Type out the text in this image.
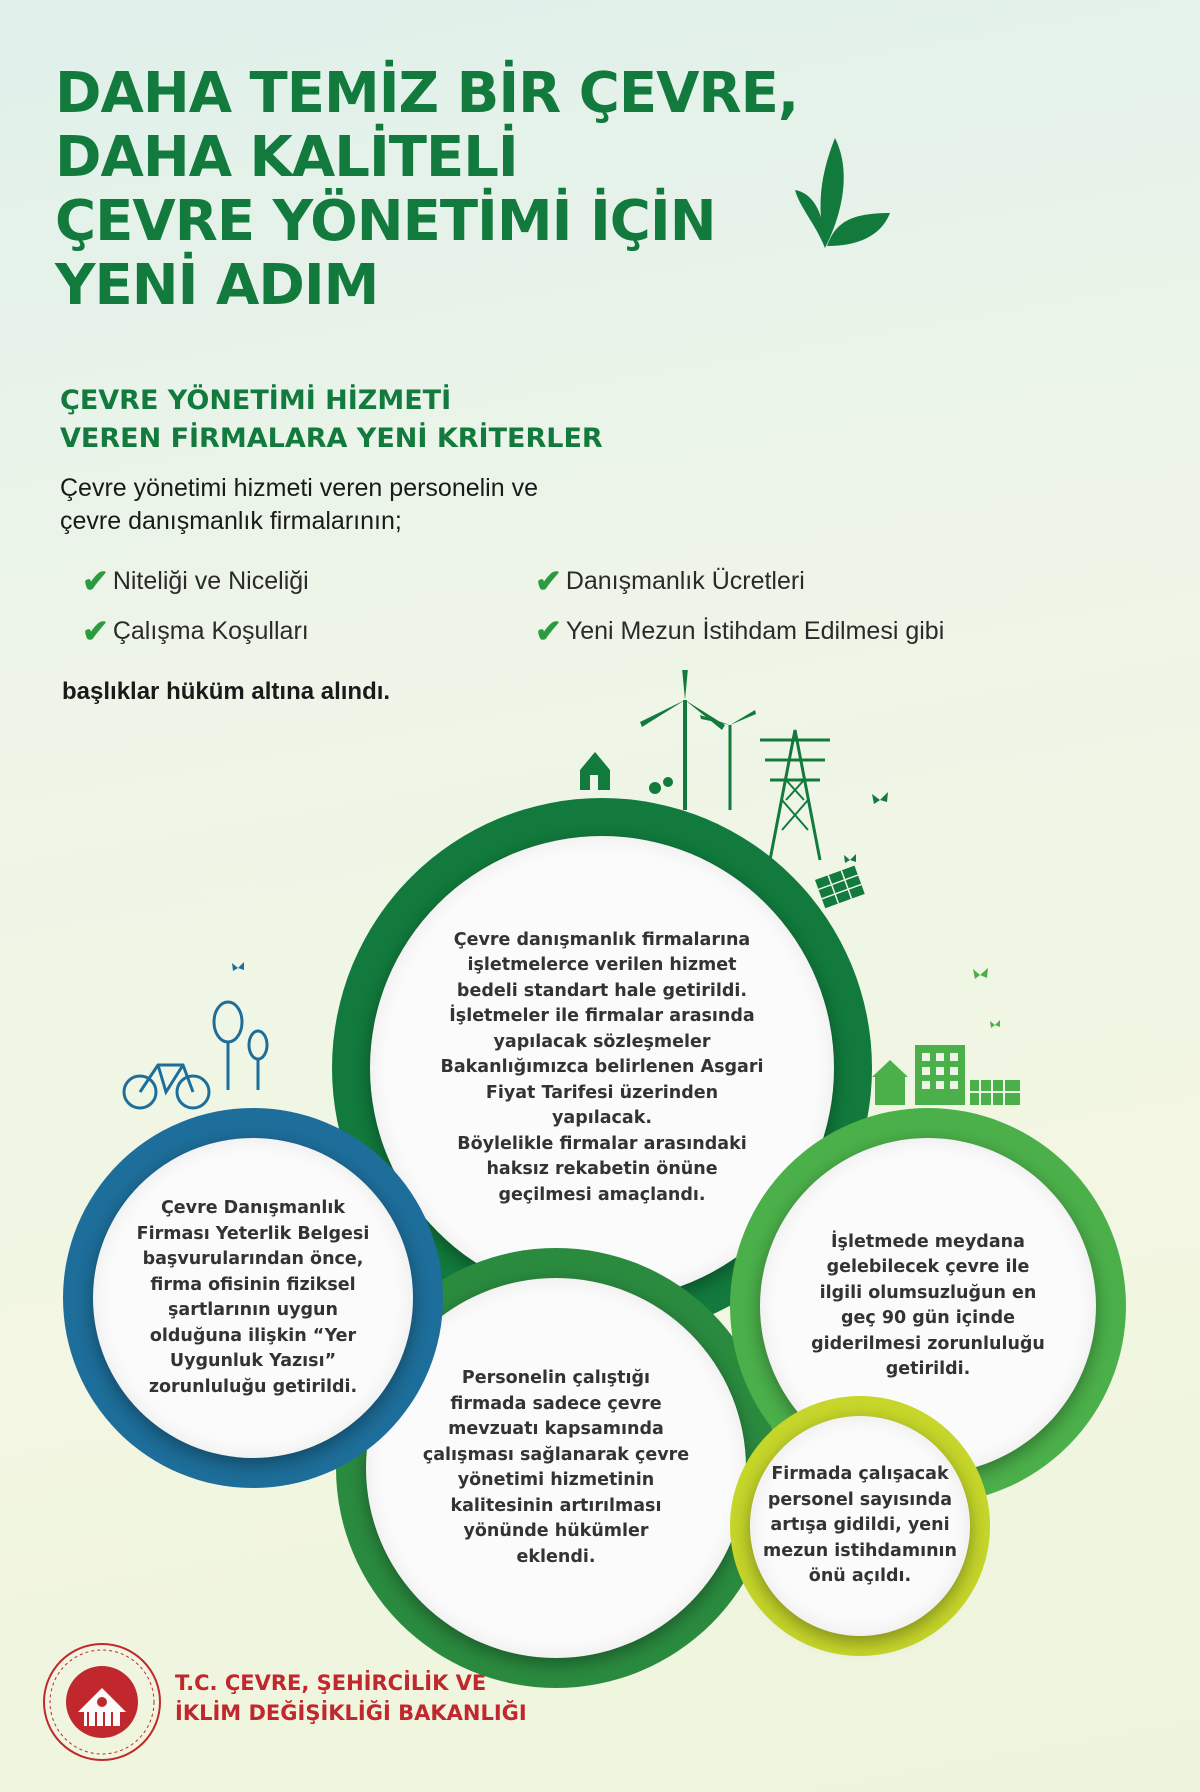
DAHA TEMİZ BİR ÇEVRE,
DAHA KALİTELİ
ÇEVRE YÖNETİMİ İÇİN
YENİ ADIM
ÇEVRE YÖNETİMİ HİZMETİ
VEREN FİRMALARA YENİ KRİTERLER
Çevre yönetimi hizmeti veren personelin ve
çevre danışmanlık firmalarının;
✔ Niteliği ve Niceliği	✔ Danışmanlık Ücretleri
✔ Çalışma Koşulları	✔ Yeni Mezun İstihdam Edilmesi gibi
başlıklar hüküm altına alındı.
Çevre danışmanlık firmalarına
işletmelerce verilen hizmet
bedeli standart hale getirildi.
İşletmeler ile firmalar arasında
yapılacak sözleşmeler
Bakanlığımızca belirlenen Asgari
Fiyat Tarifesi üzerinden
yapılacak.
Böylelikle firmalar arasındaki
haksız rekabetin önüne
geçilmesi amaçlandı.
Personelin çalıştığı
firmada sadece çevre
mevzuatı kapsamında
çalışması sağlanarak çevre
yönetimi hizmetinin
kalitesinin artırılması
yönünde hükümler
eklendi.
Çevre Danışmanlık
Firması Yeterlik Belgesi
başvurularından önce,
firma ofisinin fiziksel
şartlarının uygun
olduğuna ilişkin “Yer
Uygunluk Yazısı”
zorunluluğu getirildi.
İşletmede meydana
gelebilecek çevre ile
ilgili olumsuzluğun en
geç 90 gün içinde
giderilmesi zorunluluğu
getirildi.
Firmada çalışacak
personel sayısında
artışa gidildi, yeni
mezun istihdamının
önü açıldı.
T.C. ÇEVRE, ŞEHİRCİLİK VE
İKLİM DEĞİŞİKLİĞİ BAKANLIĞI
